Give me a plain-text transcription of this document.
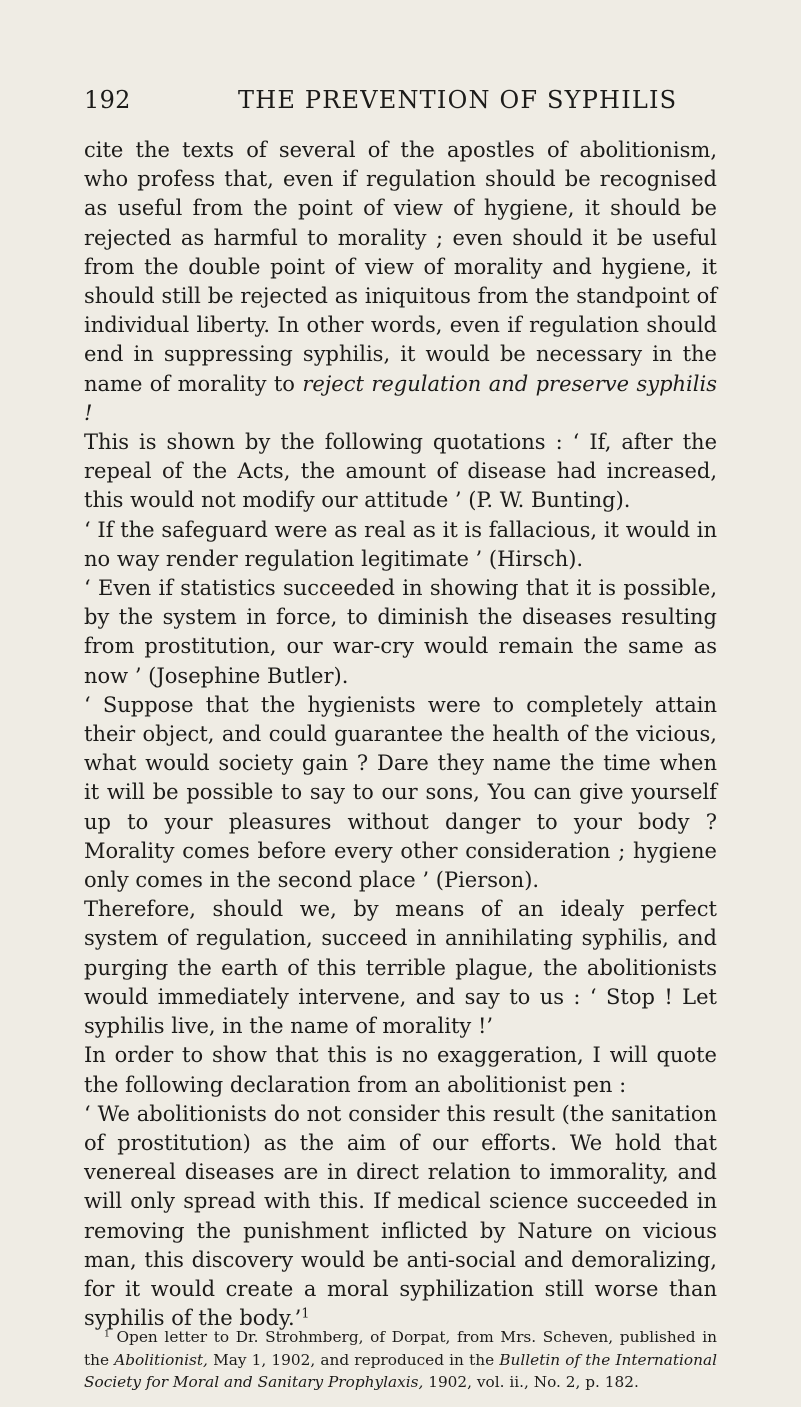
192	THE PREVENTION OF SYPHILIS

cite the texts of several of the apostles of abolitionism, who profess that, even if regulation should be recognised as useful from the point of view of hygiene, it should be rejected as harmful to morality ; even should it be useful from the double point of view of morality and hygiene, it should still be rejected as iniquitous from the standpoint of individual liberty. In other words, even if regulation should end in suppressing syphilis, it would be necessary in the name of morality to reject regulation and preserve syphilis !

This is shown by the following quotations : ‘ If, after the repeal of the Acts, the amount of disease had increased, this would not modify our attitude ’ (P. W. Bunting).

‘ If the safeguard were as real as it is fallacious, it would in no way render regulation legitimate ’ (Hirsch).

‘ Even if statistics succeeded in showing that it is possible, by the system in force, to diminish the diseases resulting from prostitution, our war-cry would remain the same as now ’ (Josephine Butler).

‘ Suppose that the hygienists were to completely attain their object, and could guarantee the health of the vicious, what would society gain ? Dare they name the time when it will be possible to say to our sons, You can give yourself up to your pleasures without danger to your body ? Morality comes before every other consideration ; hygiene only comes in the second place ’ (Pierson).

Therefore, should we, by means of an idealy perfect system of regulation, succeed in annihilating syphilis, and purging the earth of this terrible plague, the abolitionists would immediately intervene, and say to us : ‘ Stop ! Let syphilis live, in the name of morality !’

In order to show that this is no exaggeration, I will quote the following declaration from an abolitionist pen :

‘ We abolitionists do not consider this result (the sanitation of prostitution) as the aim of our efforts. We hold that venereal diseases are in direct relation to immorality, and will only spread with this. If medical science succeeded in removing the punishment inflicted by Nature on vicious man, this discovery would be anti-social and demoralizing, for it would create a moral syphilization still worse than syphilis of the body.’$^1$

$^1$ Open letter to Dr. Strohmberg, of Dorpat, from Mrs. Scheven, published in the Abolitionist, May 1, 1902, and reproduced in the Bulletin of the International Society for Moral and Sanitary Prophylaxis, 1902, vol. ii., No. 2, p. 182.
